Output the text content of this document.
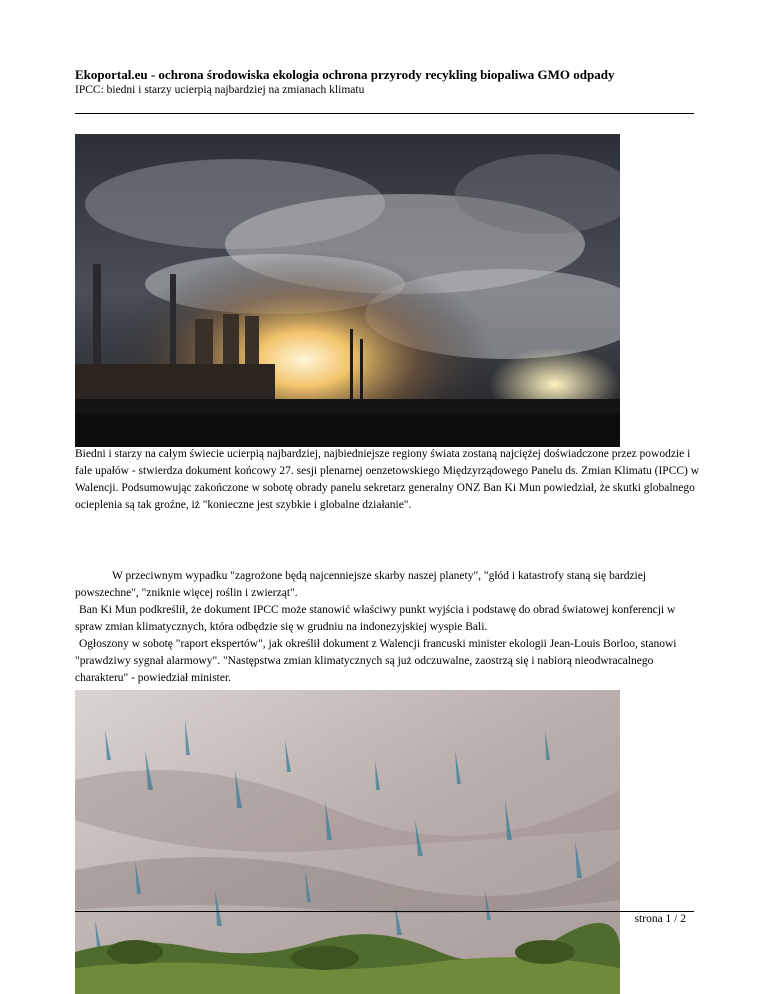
Ekoportal.eu - ochrona środowiska ekologia ochrona przyrody recykling biopaliwa GMO odpady
IPCC: biedni i starzy ucierpią najbardziej na zmianach klimatu

Biedni i starzy na całym świecie ucierpią najbardziej, najbiedniejsze regiony świata zostaną najciężej doświadczone przez powodzie i fale upałów - stwierdza dokument końcowy 27. sesji plenarnej oenzetowskiego Międzyrządowego Panelu ds. Zmian Klimatu (IPCC) w Walencji. Podsumowując zakończone w sobotę obrady panelu sekretarz generalny ONZ Ban Ki Mun powiedział, że skutki globalnego ocieplenia są tak groźne, iż "konieczne jest szybkie i globalne działanie".

W przeciwnym wypadku "zagrożone będą najcenniejsze skarby naszej planety", "głód i katastrofy staną się bardziej powszechne", "zniknie więcej roślin i zwierząt".
Ban Ki Mun podkreślił, że dokument IPCC może stanowić właściwy punkt wyjścia i podstawę do obrad światowej konferencji w spraw zmian klimatycznych, która odbędzie się w grudniu na indonezyjskiej wyspie Bali.
Ogłoszony w sobotę "raport ekspertów", jak określił dokument z Walencji francuski minister ekologii Jean-Louis Borloo, stanowi "prawdziwy sygnał alarmowy". "Następstwa zmian klimatycznych są już odczuwalne, zaostrzą się i nabiorą nieodwracalnego charakteru" - powiedział minister.
strona 1 / 2
